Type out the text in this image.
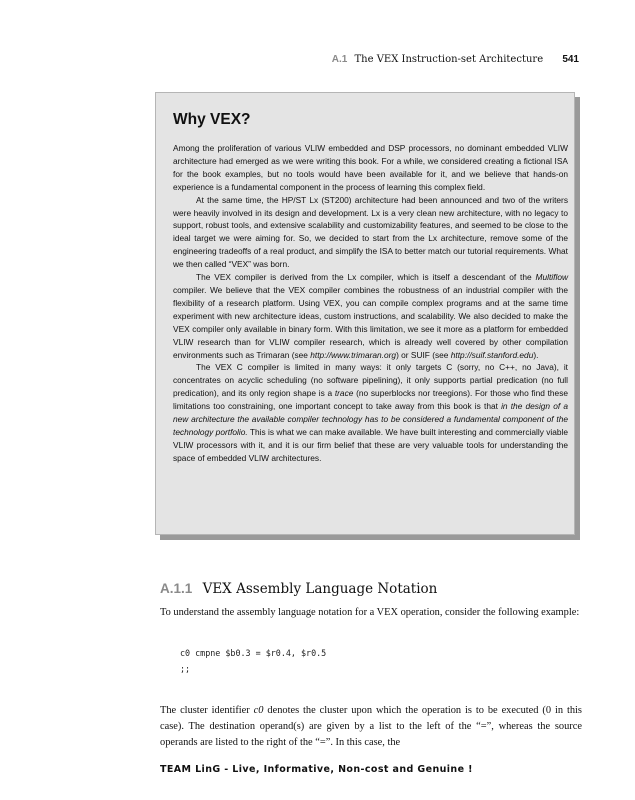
A.1 The VEX Instruction-set Architecture 541
Why VEX?

Among the proliferation of various VLIW embedded and DSP processors, no dominant embedded VLIW architecture had emerged as we were writing this book. For a while, we considered creating a fictional ISA for the book examples, but no tools would have been available for it, and we believe that hands-on experience is a fundamental component in the process of learning this complex field.

At the same time, the HP/ST Lx (ST200) architecture had been announced and two of the writers were heavily involved in its design and development. Lx is a very clean new architecture, with no legacy to support, robust tools, and extensive scalability and customizability features, and seemed to be close to the ideal target we were aiming for. So, we decided to start from the Lx architecture, remove some of the engineering tradeoffs of a real product, and simplify the ISA to better match our tutorial requirements. What we then called “VEX” was born.

The VEX compiler is derived from the Lx compiler, which is itself a descendant of the Multiflow compiler. We believe that the VEX compiler combines the robustness of an industrial compiler with the flexibility of a research platform. Using VEX, you can compile complex programs and at the same time experiment with new architecture ideas, custom instructions, and scalability. We also decided to make the VEX compiler only available in binary form. With this limitation, we see it more as a platform for embedded VLIW research than for VLIW compiler research, which is already well covered by other compilation environments such as Trimaran (see http://www.trimaran.org) or SUIF (see http://suif.stanford.edu).

The VEX C compiler is limited in many ways: it only targets C (sorry, no C++, no Java), it concentrates on acyclic scheduling (no software pipelining), it only supports partial predication (no full predication), and its only region shape is a trace (no superblocks nor treegions). For those who find these limitations too constraining, one important concept to take away from this book is that in the design of a new architecture the available compiler technology has to be considered a fundamental component of the technology portfolio. This is what we can make available. We have built interesting and commercially viable VLIW processors with it, and it is our firm belief that these are very valuable tools for understanding the space of embedded VLIW architectures.

A.1.1 VEX Assembly Language Notation

To understand the assembly language notation for a VEX operation, consider the following example:

c0 cmpne $b0.3 = $r0.4, $r0.5
;;

The cluster identifier c0 denotes the cluster upon which the operation is to be executed (0 in this case). The destination operand(s) are given by a list to the left of the “=”, whereas the source operands are listed to the right of the “=”. In this case, the

TEAM LinG - Live, Informative, Non-cost and Genuine !
